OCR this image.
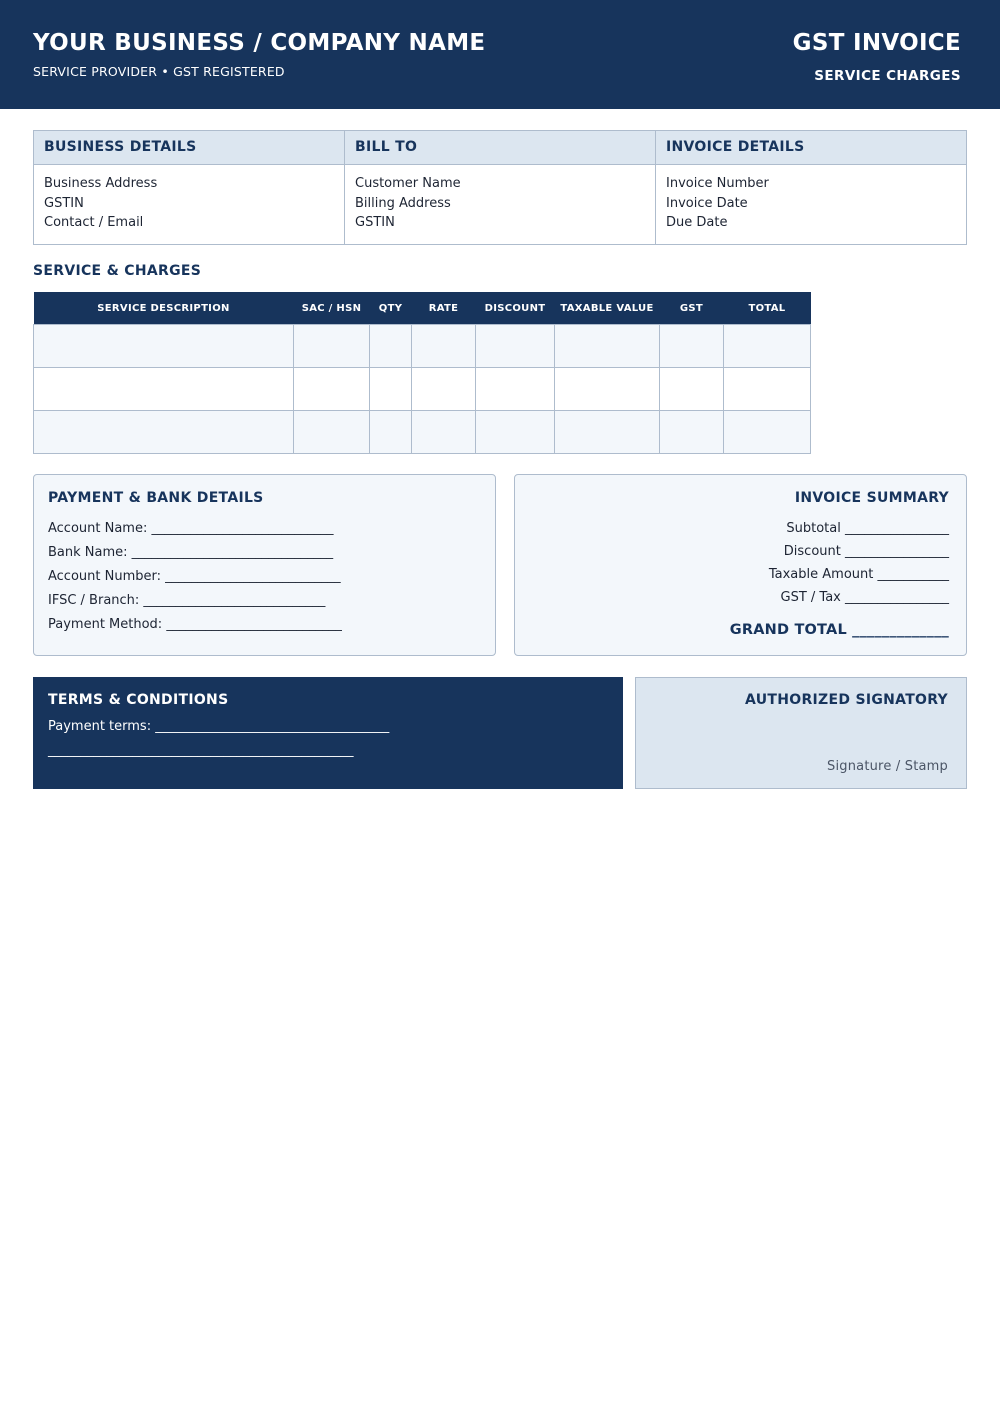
YOUR BUSINESS / COMPANY NAME
SERVICE PROVIDER • GST REGISTERED
GST INVOICE
SERVICE CHARGES
BUSINESS DETAILS
Business Address
GSTIN
Contact / Email
BILL TO
Customer Name
Billing Address
GSTIN
INVOICE DETAILS
Invoice Number
Invoice Date
Due Date
SERVICE & CHARGES
SERVICE DESCRIPTION	SAC / HSN	QTY	RATE	DISCOUNT	TAXABLE VALUE	GST	TOTAL

PAYMENT & BANK DETAILS
Account Name: ____________________________
Bank Name: _______________________________
Account Number: ___________________________
IFSC / Branch: ____________________________
Payment Method: ___________________________
INVOICE SUMMARY
Subtotal ________________
Discount ________________
Taxable Amount ___________
GST / Tax ________________
GRAND TOTAL _____________
TERMS & CONDITIONS
Payment terms: ____________________________________
_______________________________________________
AUTHORIZED SIGNATORY
Signature / Stamp
